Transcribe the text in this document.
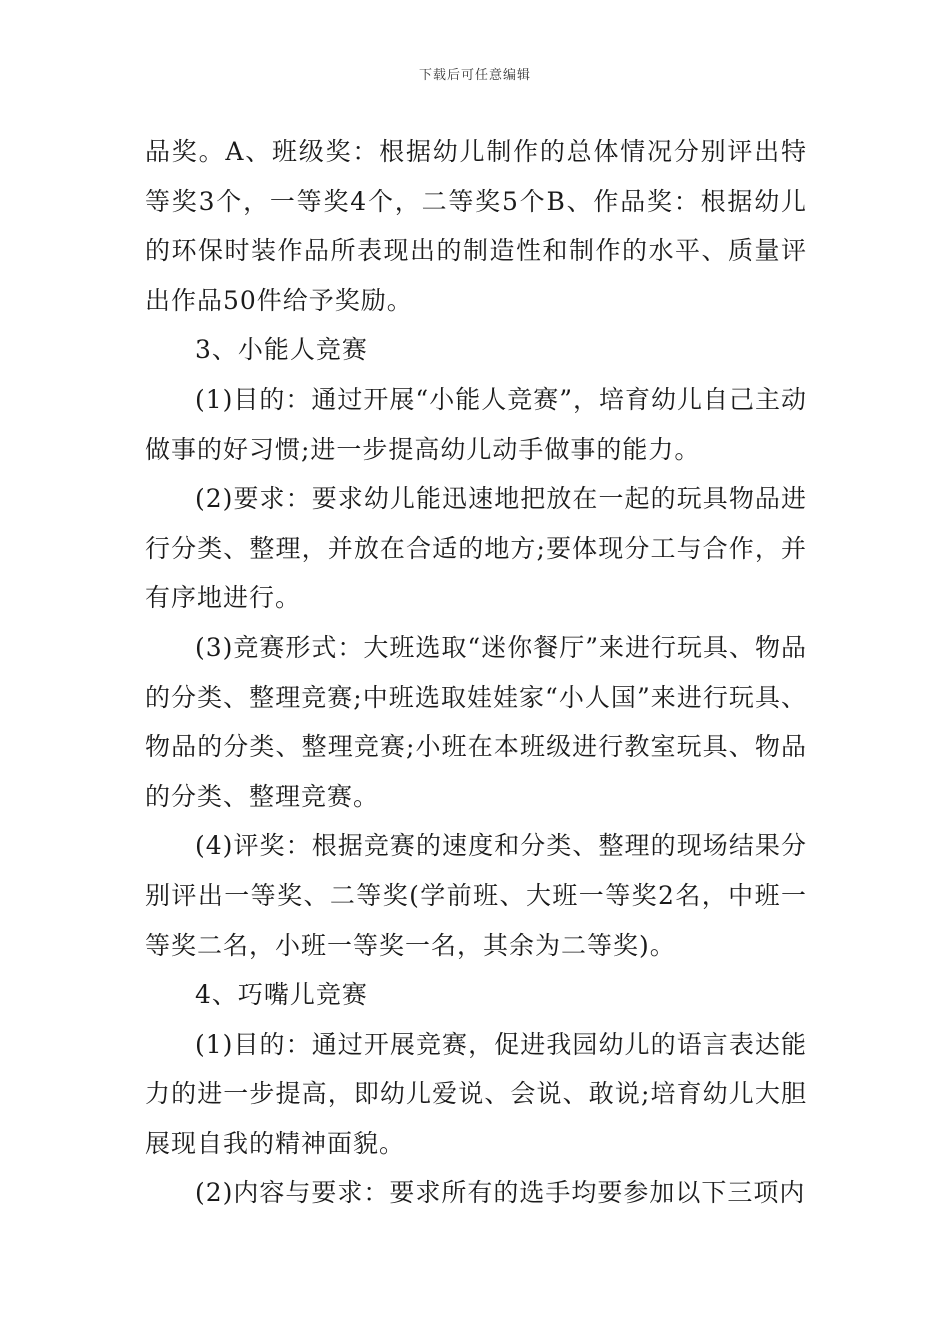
下载后可任意编辑

品奖。A、班级奖：根据幼儿制作的总体情况分别评出特等奖3个，一等奖4个，二等奖5个B、作品奖：根据幼儿的环保时装作品所表现出的制造性和制作的水平、质量评出作品50件给予奖励。

3、小能人竞赛

(1)目的：通过开展“小能人竞赛”，培育幼儿自己主动做事的好习惯;进一步提高幼儿动手做事的能力。

(2)要求：要求幼儿能迅速地把放在一起的玩具物品进行分类、整理，并放在合适的地方;要体现分工与合作，并有序地进行。

(3)竞赛形式：大班选取“迷你餐厅”来进行玩具、物品的分类、整理竞赛;中班选取娃娃家“小人国”来进行玩具、物品的分类、整理竞赛;小班在本班级进行教室玩具、物品的分类、整理竞赛。

(4)评奖：根据竞赛的速度和分类、整理的现场结果分别评出一等奖、二等奖(学前班、大班一等奖2名，中班一等奖二名，小班一等奖一名，其余为二等奖)。

4、巧嘴儿竞赛

(1)目的：通过开展竞赛，促进我园幼儿的语言表达能力的进一步提高，即幼儿爱说、会说、敢说;培育幼儿大胆展现自我的精神面貌。

(2)内容与要求：要求所有的选手均要参加以下三项内
